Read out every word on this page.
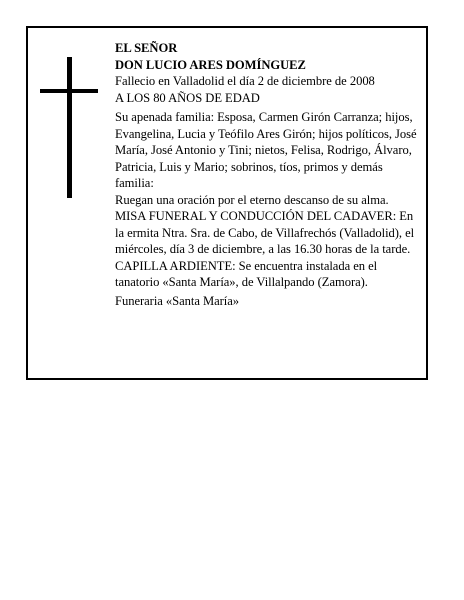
EL SEÑOR

DON LUCIO ARES DOMÍNGUEZ

Fallecio en Valladolid el día 2 de diciembre de 2008

A LOS 80 AÑOS DE EDAD

Su apenada familia: Esposa, Carmen Girón Carranza; hijos, Evangelina, Lucia y Teófilo Ares Girón; hijos políticos, José María, José Antonio y Tini; nietos, Felisa, Rodrigo, Álvaro, Patricia, Luis y Mario; sobrinos, tíos, primos y demás familia:

Ruegan una oración por el eterno descanso de su alma.

MISA FUNERAL Y CONDUCCIÓN DEL CADAVER: En la ermita Ntra. Sra. de Cabo, de Villafrechós (Valladolid), el miércoles, día 3 de diciembre, a las 16.30 horas de la tarde.

CAPILLA ARDIENTE: Se encuentra instalada en el tanatorio «Santa María», de Villalpando (Zamora).

Funeraria «Santa María»
